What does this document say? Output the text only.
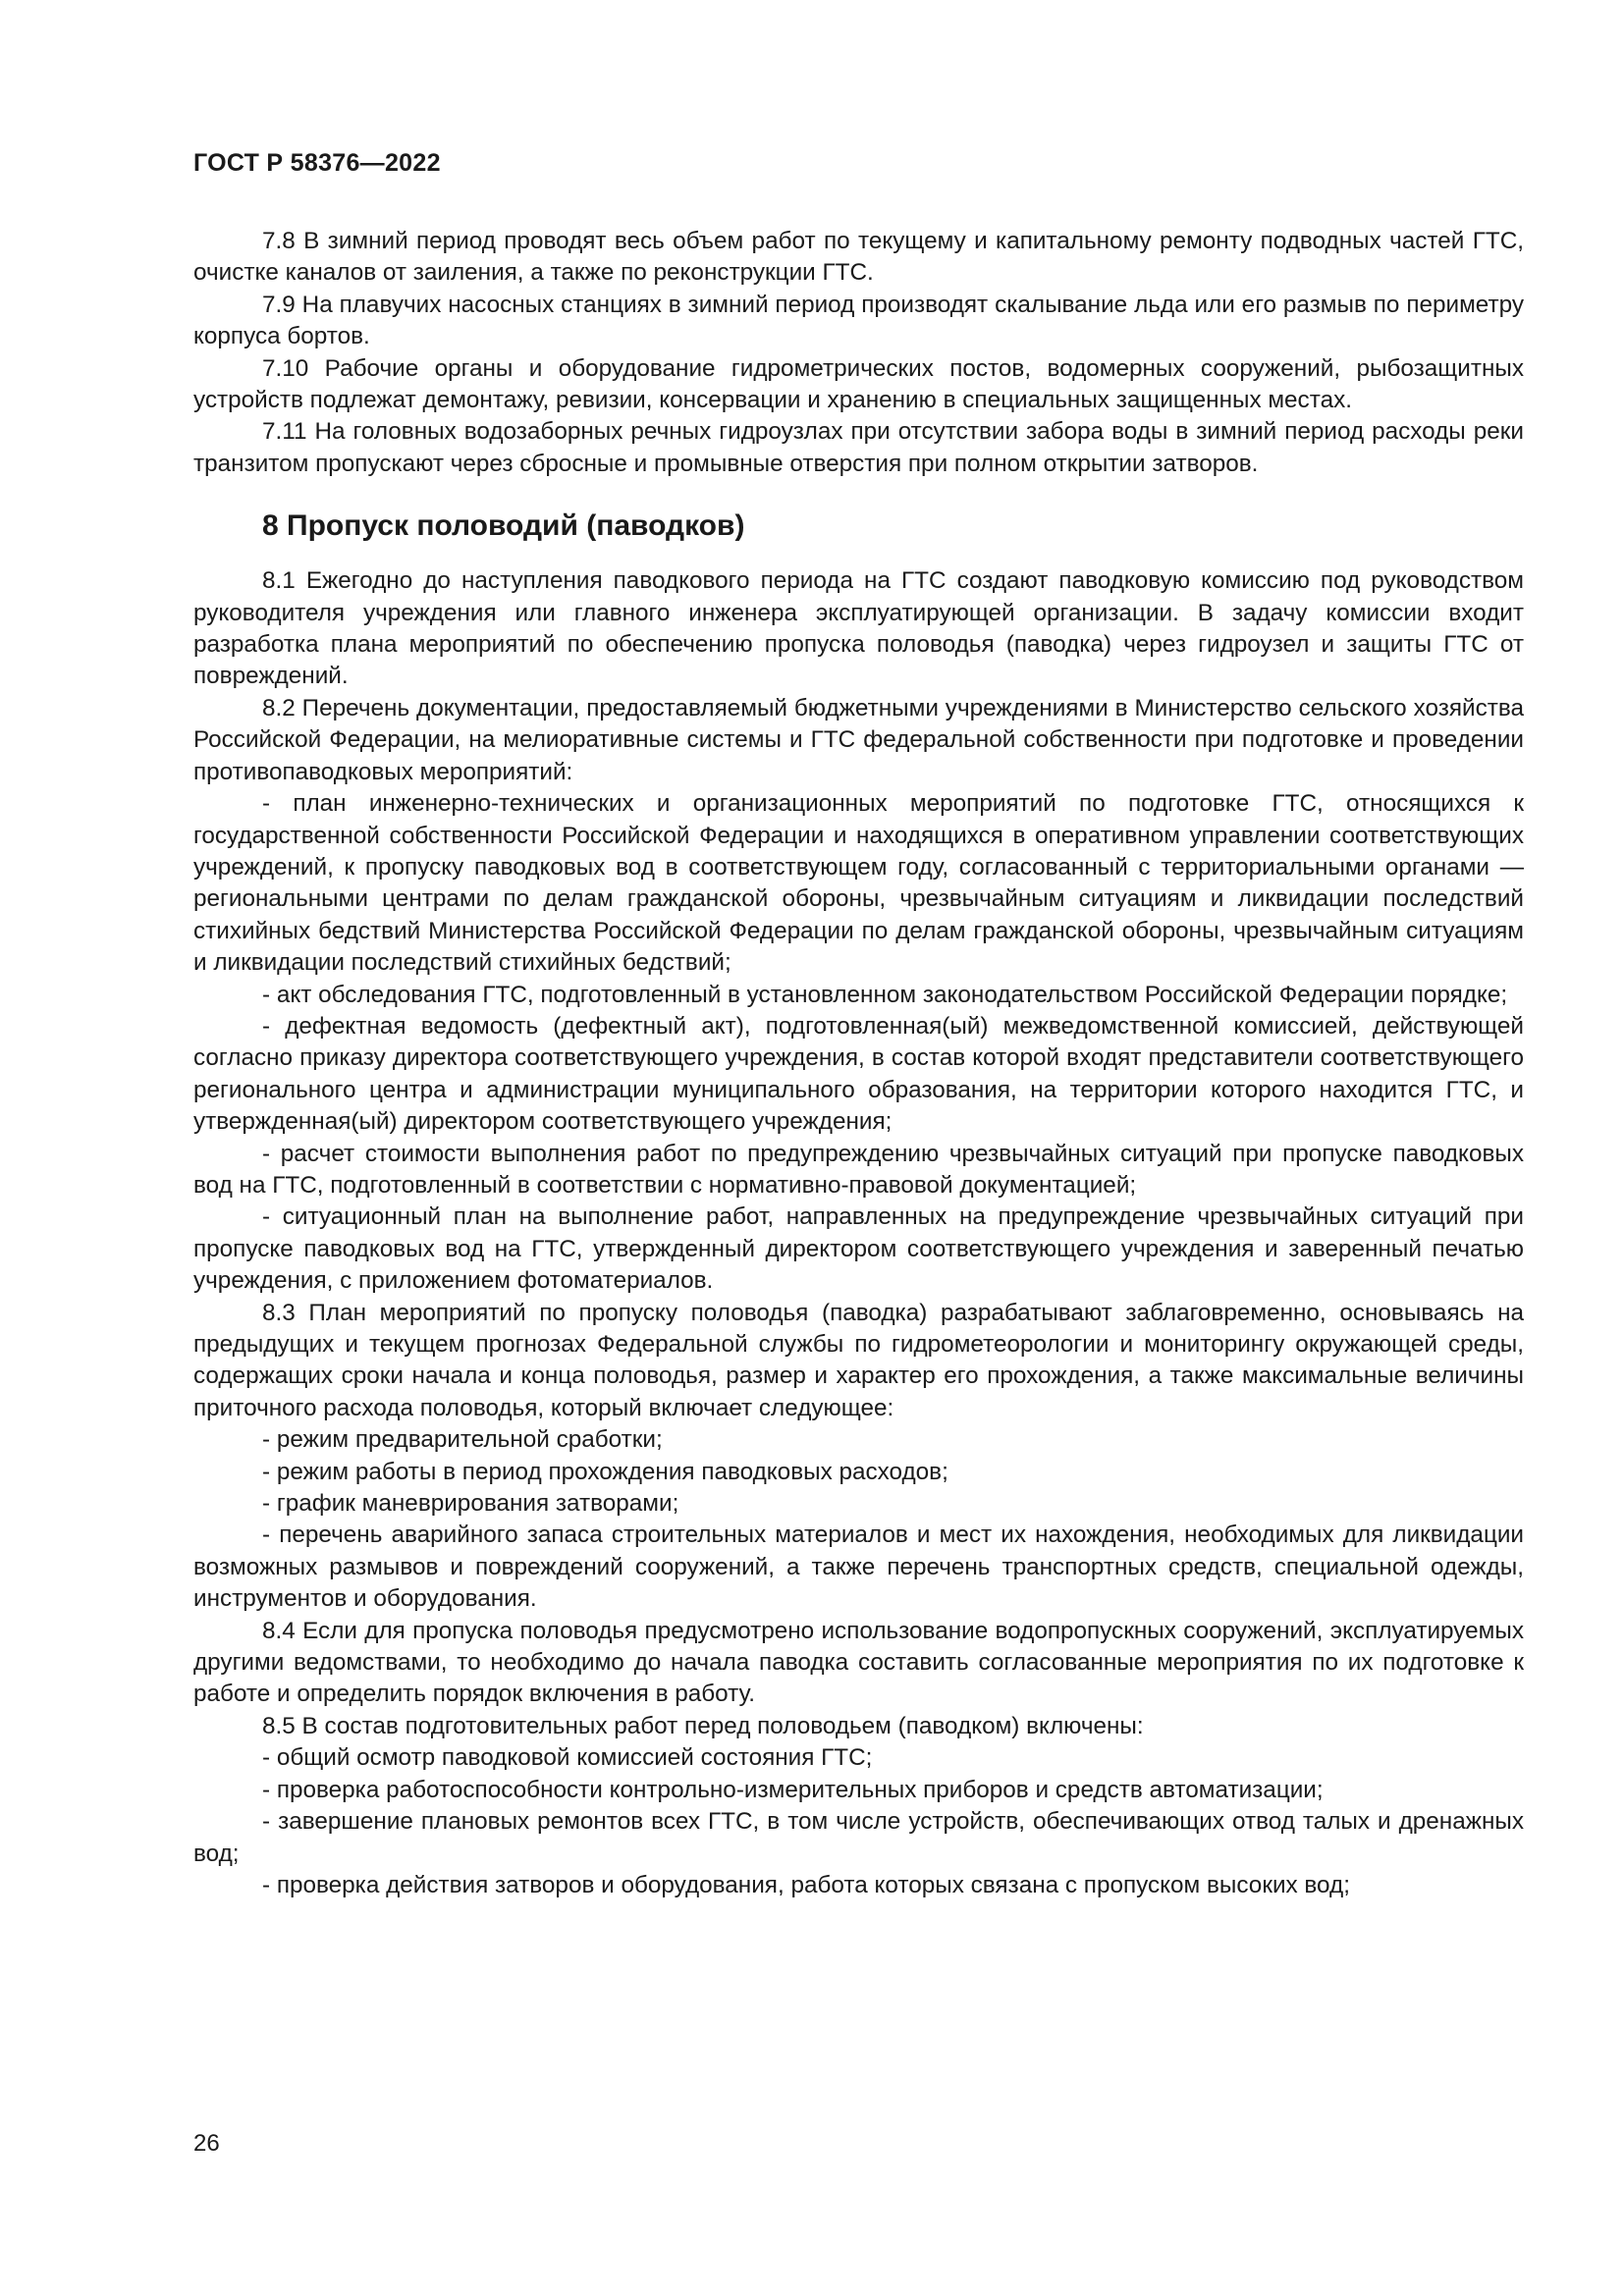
ГОСТ Р 58376—2022

7.8 В зимний период проводят весь объем работ по текущему и капитальному ремонту подводных частей ГТС, очистке каналов от заиления, а также по реконструкции ГТС.

7.9 На плавучих насосных станциях в зимний период производят скалывание льда или его размыв по периметру корпуса бортов.

7.10 Рабочие органы и оборудование гидрометрических постов, водомерных сооружений, рыбозащитных устройств подлежат демонтажу, ревизии, консервации и хранению в специальных защищенных местах.

7.11 На головных водозаборных речных гидроузлах при отсутствии забора воды в зимний период расходы реки транзитом пропускают через сбросные и промывные отверстия при полном открытии затворов.

8 Пропуск половодий (паводков)

8.1 Ежегодно до наступления паводкового периода на ГТС создают паводковую комиссию под руководством руководителя учреждения или главного инженера эксплуатирующей организации. В задачу комиссии входит разработка плана мероприятий по обеспечению пропуска половодья (паводка) через гидроузел и защиты ГТС от повреждений.

8.2 Перечень документации, предоставляемый бюджетными учреждениями в Министерство сельского хозяйства Российской Федерации, на мелиоративные системы и ГТС федеральной собственности при подготовке и проведении противопаводковых мероприятий:

- план инженерно-технических и организационных мероприятий по подготовке ГТС, относящихся к государственной собственности Российской Федерации и находящихся в оперативном управлении соответствующих учреждений, к пропуску паводковых вод в соответствующем году, согласованный с территориальными органами — региональными центрами по делам гражданской обороны, чрезвычайным ситуациям и ликвидации последствий стихийных бедствий Министерства Российской Федерации по делам гражданской обороны, чрезвычайным ситуациям и ликвидации последствий стихийных бедствий;

- акт обследования ГТС, подготовленный в установленном законодательством Российской Федерации порядке;

- дефектная ведомость (дефектный акт), подготовленная(ый) межведомственной комиссией, действующей согласно приказу директора соответствующего учреждения, в состав которой входят представители соответствующего регионального центра и администрации муниципального образования, на территории которого находится ГТС, и утвержденная(ый) директором соответствующего учреждения;

- расчет стоимости выполнения работ по предупреждению чрезвычайных ситуаций при пропуске паводковых вод на ГТС, подготовленный в соответствии с нормативно-правовой документацией;

- ситуационный план на выполнение работ, направленных на предупреждение чрезвычайных ситуаций при пропуске паводковых вод на ГТС, утвержденный директором соответствующего учреждения и заверенный печатью учреждения, с приложением фотоматериалов.

8.3 План мероприятий по пропуску половодья (паводка) разрабатывают заблаговременно, основываясь на предыдущих и текущем прогнозах Федеральной службы по гидрометеорологии и мониторингу окружающей среды, содержащих сроки начала и конца половодья, размер и характер его прохождения, а также максимальные величины приточного расхода половодья, который включает следующее:

- режим предварительной сработки;

- режим работы в период прохождения паводковых расходов;

- график маневрирования затворами;

- перечень аварийного запаса строительных материалов и мест их нахождения, необходимых для ликвидации возможных размывов и повреждений сооружений, а также перечень транспортных средств, специальной одежды, инструментов и оборудования.

8.4 Если для пропуска половодья предусмотрено использование водопропускных сооружений, эксплуатируемых другими ведомствами, то необходимо до начала паводка составить согласованные мероприятия по их подготовке к работе и определить порядок включения в работу.

8.5 В состав подготовительных работ перед половодьем (паводком) включены:

- общий осмотр паводковой комиссией состояния ГТС;

- проверка работоспособности контрольно-измерительных приборов и средств автоматизации;

- завершение плановых ремонтов всех ГТС, в том числе устройств, обеспечивающих отвод талых и дренажных вод;

- проверка действия затворов и оборудования, работа которых связана с пропуском высоких вод;

26
